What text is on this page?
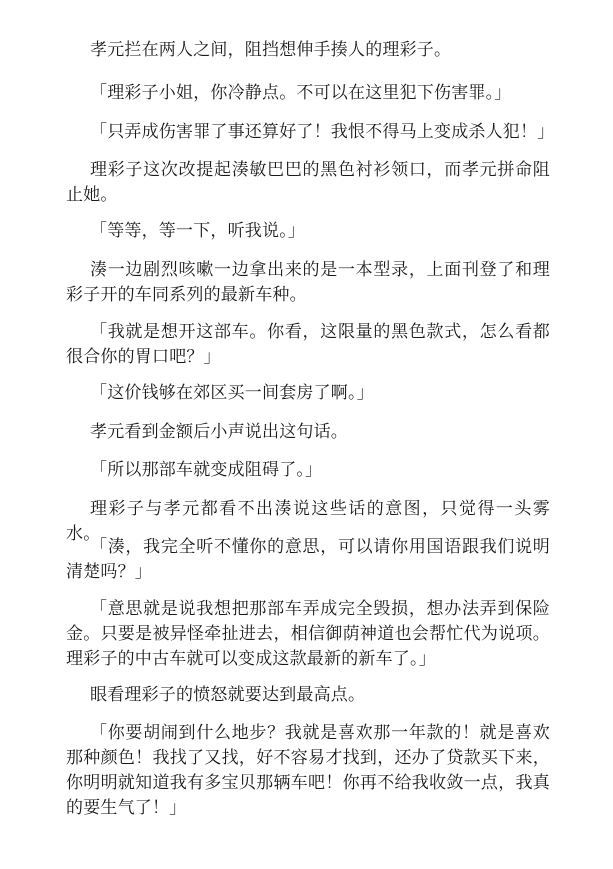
孝元拦在两人之间，阻挡想伸手揍人的理彩子。

「理彩子小姐，你冷静点。不可以在这里犯下伤害罪。」

「只弄成伤害罪了事还算好了！我恨不得马上变成杀人犯！」

理彩子这次改提起湊敏巴巴的黑色衬衫领口，而孝元拼命阻止她。

「等等，等一下，听我说。」

湊一边剧烈咳嗽一边拿出来的是一本型录，上面刊登了和理彩子开的车同系列的最新车种。

「我就是想开这部车。你看，这限量的黑色款式，怎么看都很合你的胃口吧？」

「这价钱够在郊区买一间套房了啊。」

孝元看到金额后小声说出这句话。

「所以那部车就变成阻碍了。」

理彩子与孝元都看不出湊说这些话的意图，只觉得一头雾水。

「湊，我完全听不懂你的意思，可以请你用国语跟我们说明清楚吗？」

「意思就是说我想把那部车弄成完全毁损，想办法弄到保险金。只要是被异怪牵扯进去，相信御荫神道也会帮忙代为说项。理彩子的中古车就可以变成这款最新的新车了。」

眼看理彩子的愤怒就要达到最高点。

「你要胡闹到什么地步？我就是喜欢那一年款的！就是喜欢那种颜色！我找了又找，好不容易才找到，还办了贷款买下来，你明明就知道我有多宝贝那辆车吧！你再不给我收敛一点，我真的要生气了！」
